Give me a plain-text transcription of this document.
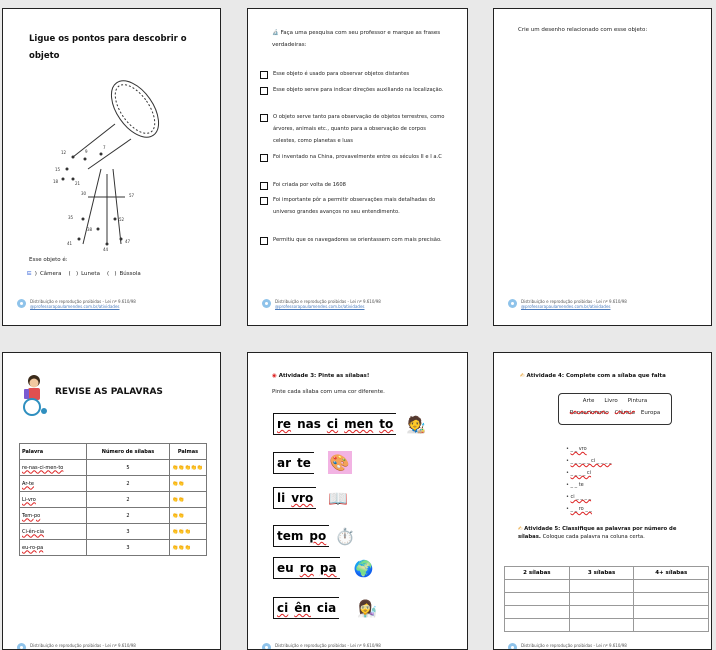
Ligue os pontos para descobrir o objeto
12
15
18	21
9
7
35
41	47
44
38
52
57
30
Esse objeto é:
⋿ ) Câmera (   ) Luneta (   ) Bússola
Distribuição e reprodução proibidas - Lei nº 9.610/98
@professorapaulamendes.com.br/atividades
🔬 Faça uma pesquisa com seu professor e marque as frases verdadeiras:
Esse objeto é usado para observar objetos distantes
Esse objeto serve para indicar direções auxiliando na localização.
O objeto serve tanto para observação de objetos terrestres, como árvores, animais etc., quanto para a observação de corpos celestes, como planetas e luas
Foi inventado na China, provavelmente entre os séculos II e I a.C
Foi criada por volta de 1608
Foi importante pôr a permitir observações mais detalhadas do universo grandes avanços no seu entendimento.
Permitiu que os navegadores se orientassem com mais precisão.
Distribuição e reprodução proibidas - Lei nº 9.610/98
@professorapaulamendes.com.br/atividades
Crie um desenho relacionado com esse objeto:
Distribuição e reprodução proibidas - Lei nº 9.610/98
@professorapaulamendes.com.br/atividades
REVISE AS PALAVRAS
Palavra	Número de sílabas	Palmas
re-nas-ci-men-to	5	👏👏👏👏👏
Ar-te	2	👏👏
Li-vro	2	👏👏
Tem-po	2	👏👏
Ci-ên-cia	3	👏👏👏
eu-ro-pa	3	👏👏👏
Distribuição e reprodução proibidas - Lei nº 9.610/98
◉ Atividade 3: Pinte as sílabas!
Pinte cada sílaba com uma cor diferente.
re nas ci men to 🧑‍🎨
ar te 🎨
li vro 📖
tem po ⏱️
eu ro pa 🌍
ci ên cia 👩‍🔬
Distribuição e reprodução proibidas - Lei nº 9.610/98
✍ Atividade 4: Complete com a sílaba que falta
Arte Livro Pintura
Renascimento Ciência Europa
• _ _ vro
• _ _ _ _ _ ci _ _ _ _
• _ _ _ _ ci
• _ _ te
• ci _ _ _ _
• _ _ ro _ _
✍ Atividade 5: Classifique as palavras por número de sílabas. Coloque cada palavra na coluna certa.
2 sílabas	3 sílabas	4+ sílabas

Distribuição e reprodução proibidas - Lei nº 9.610/98
